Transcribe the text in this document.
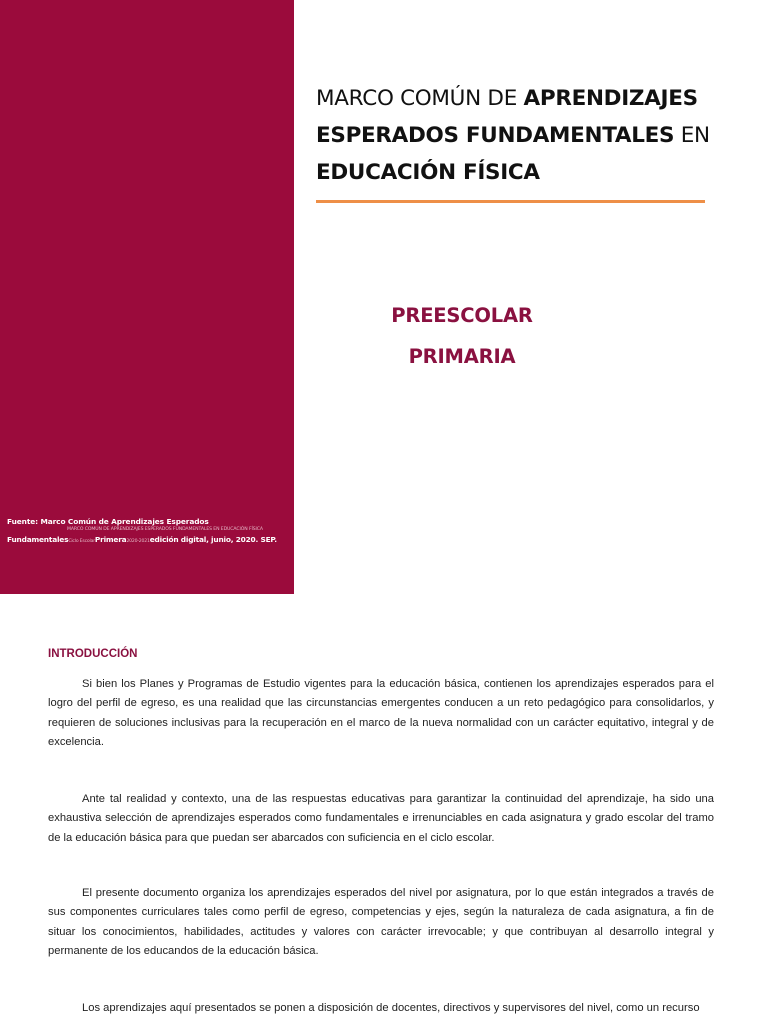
Fuente: Marco Común de Aprendizajes Esperados
MARCO COMÚN DE APRENDIZAJES ESPERADOS FUNDAMENTALES EN EDUCACIÓN FÍSICA
FundamentalesCiclo EscolarPrimera2020-2021edición digital, junio, 2020. SEP.
MARCO COMÚN DE APRENDIZAJES ESPERADOS FUNDAMENTALES EN EDUCACIÓN FÍSICA
PREESCOLAR
PRIMARIA
INTRODUCCIÓN

Si bien los Planes y Programas de Estudio vigentes para la educación básica, contienen los aprendizajes esperados para el logro del perfil de egreso, es una realidad que las circunstancias emergentes conducen a un reto pedagógico para consolidarlos, y requieren de soluciones inclusivas para la recuperación en el marco de la nueva normalidad con un carácter equitativo, integral y de excelencia.

Ante tal realidad y contexto, una de las respuestas educativas para garantizar la continuidad del aprendizaje, ha sido una exhaustiva selección de aprendizajes esperados como fundamentales e irrenunciables en cada asignatura y grado escolar del tramo de la educación básica para que puedan ser abarcados con suficiencia en el ciclo escolar.

El presente documento organiza los aprendizajes esperados del nivel por asignatura, por lo que están integrados a través de sus componentes curriculares tales como perfil de egreso, competencias y ejes, según la naturaleza de cada asignatura, a fin de situar los conocimientos, habilidades, actitudes y valores con carácter irrevocable; y que contribuyan al desarrollo integral y permanente de los educandos de la educación básica.

Los aprendizajes aquí presentados se ponen a disposición de docentes, directivos y supervisores del nivel, como un recurso
